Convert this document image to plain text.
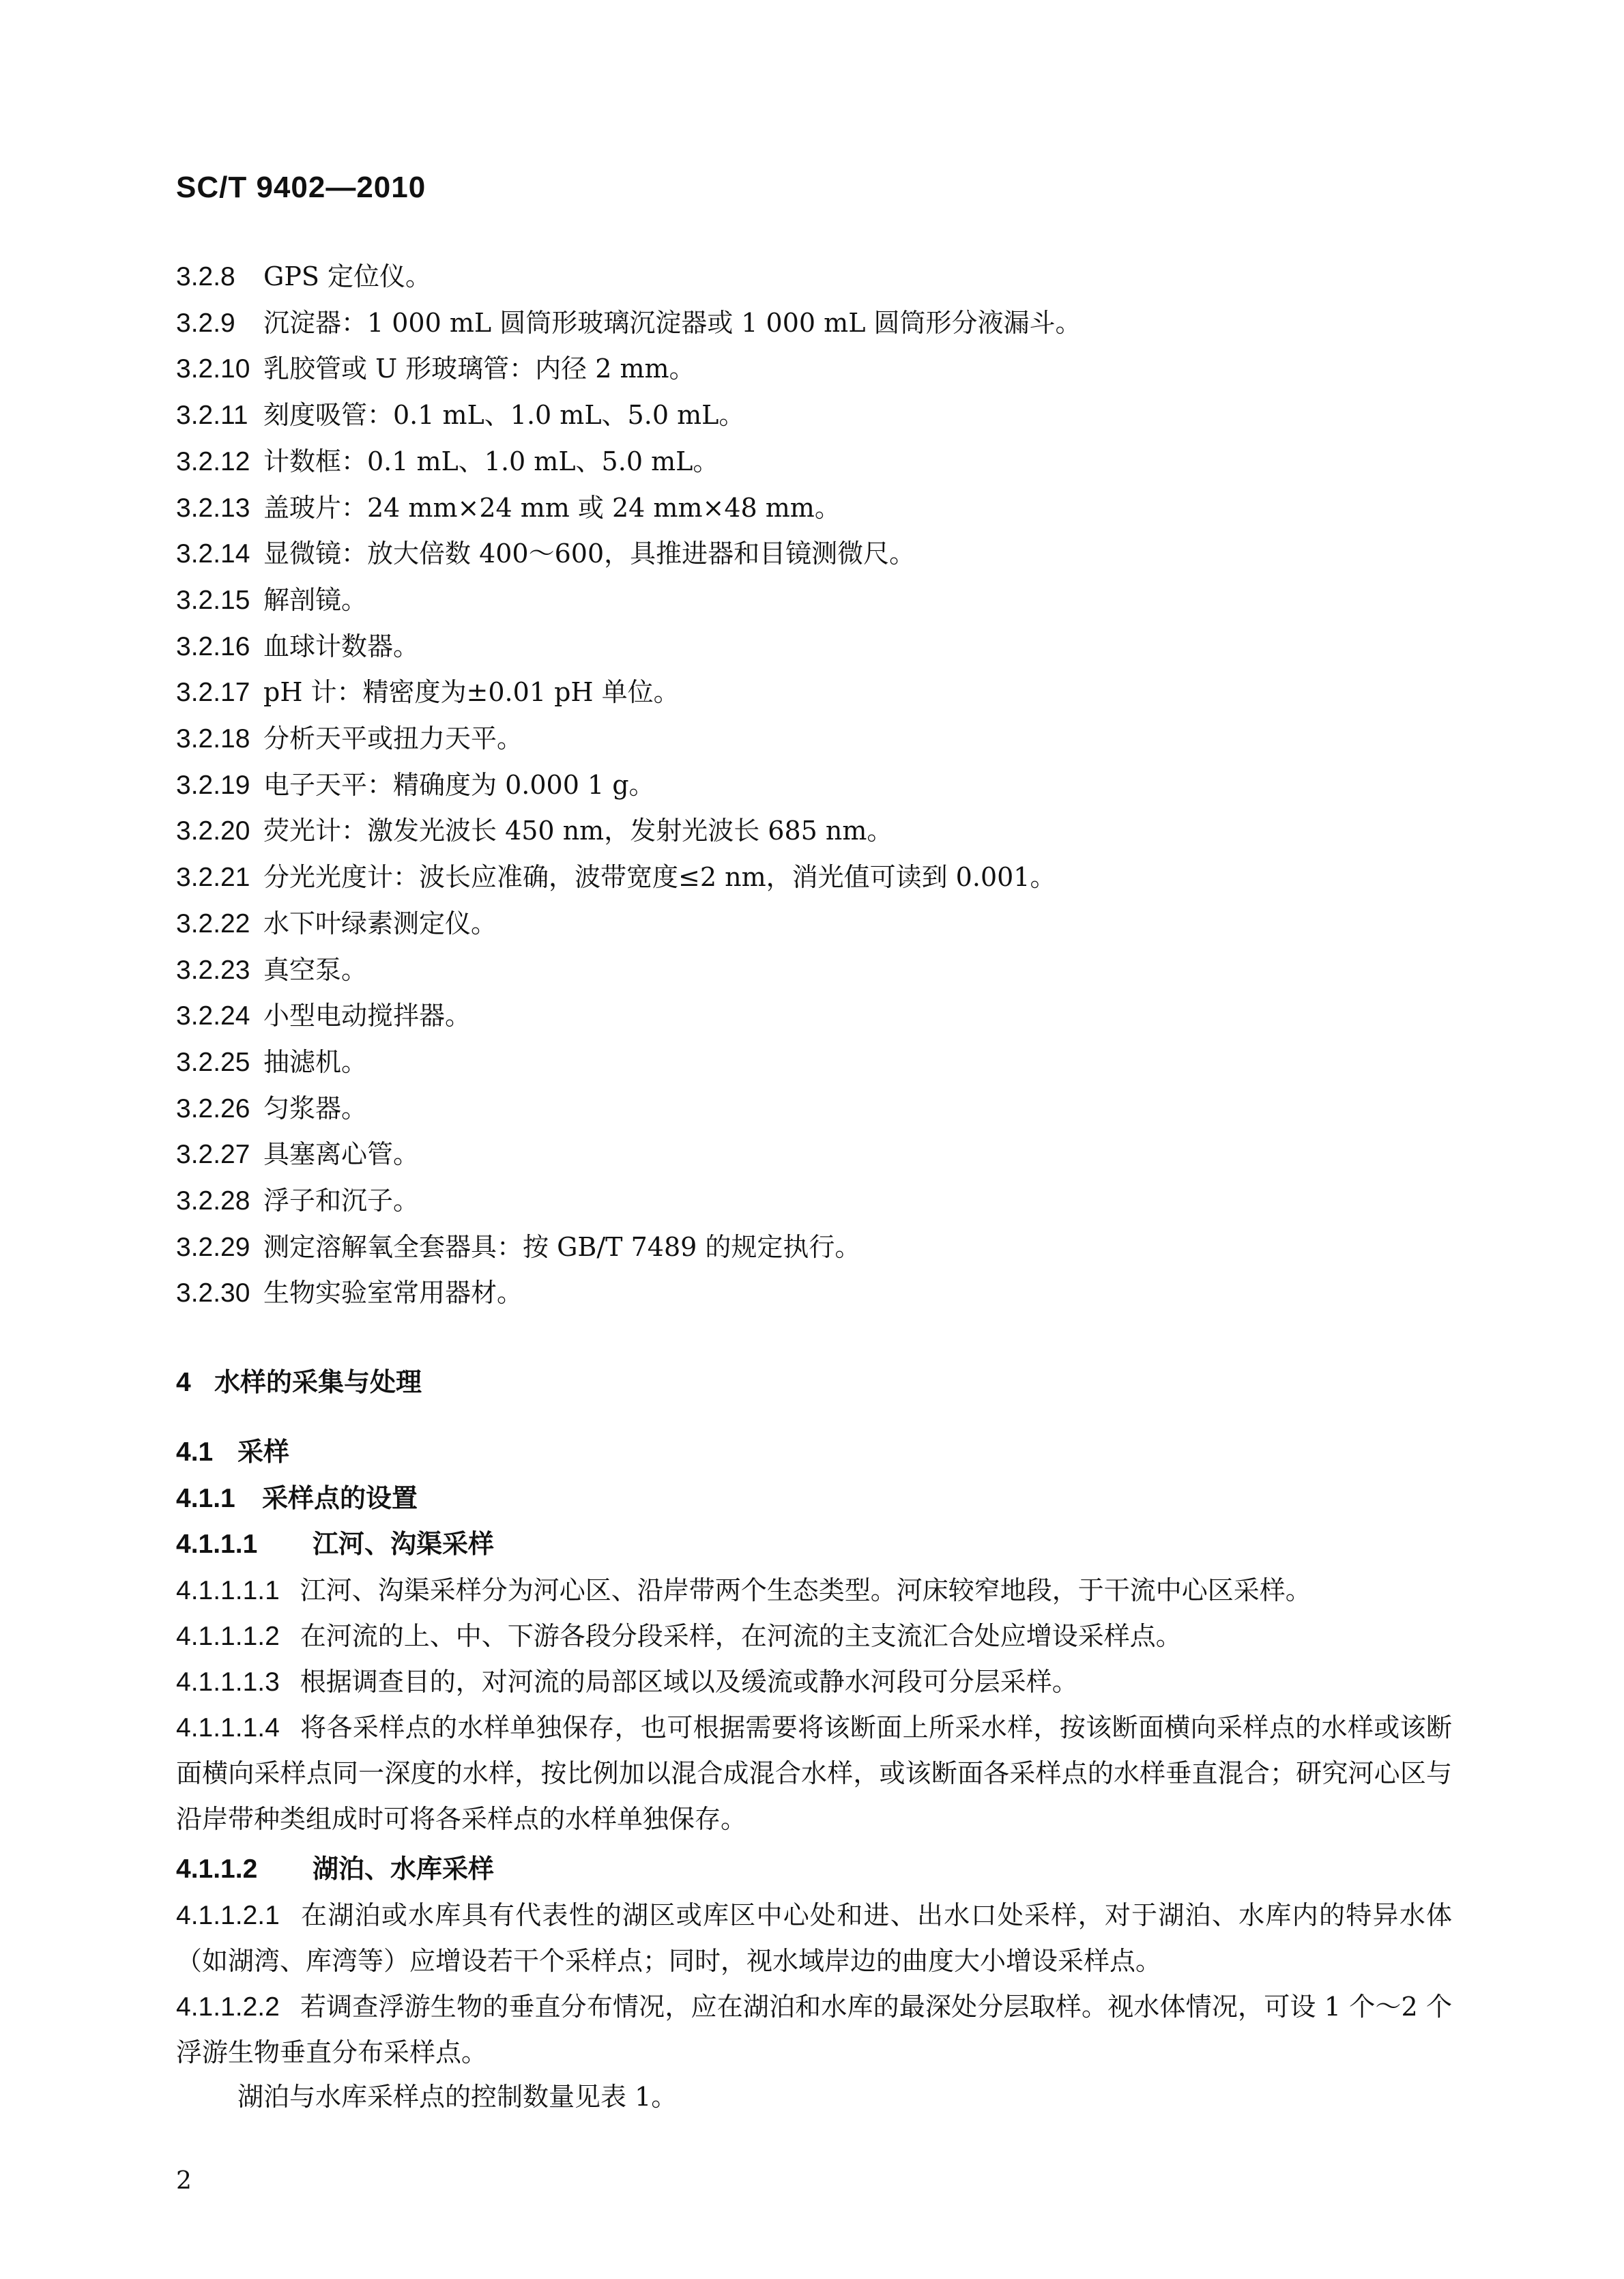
SC/T 9402—2010
3.2.8 GPS 定位仪。
3.2.9 沉淀器：1 000 mL 圆筒形玻璃沉淀器或 1 000 mL 圆筒形分液漏斗。
3.2.10 乳胶管或 U 形玻璃管：内径 2 mm。
3.2.11 刻度吸管：0.1 mL、1.0 mL、5.0 mL。
3.2.12 计数框：0.1 mL、1.0 mL、5.0 mL。
3.2.13 盖玻片：24 mm×24 mm 或 24 mm×48 mm。
3.2.14 显微镜：放大倍数 400～600，具推进器和目镜测微尺。
3.2.15 解剖镜。
3.2.16 血球计数器。
3.2.17 pH 计：精密度为±0.01 pH 单位。
3.2.18 分析天平或扭力天平。
3.2.19 电子天平：精确度为 0.000 1 g。
3.2.20 荧光计：激发光波长 450 nm，发射光波长 685 nm。
3.2.21 分光光度计：波长应准确，波带宽度≤2 nm，消光值可读到 0.001。
3.2.22 水下叶绿素测定仪。
3.2.23 真空泵。
3.2.24 小型电动搅拌器。
3.2.25 抽滤机。
3.2.26 匀浆器。
3.2.27 具塞离心管。
3.2.28 浮子和沉子。
3.2.29 测定溶解氧全套器具：按 GB/T 7489 的规定执行。
3.2.30 生物实验室常用器材。
4 水样的采集与处理
4.1 采样
4.1.1 采样点的设置
4.1.1.1 江河、沟渠采样
4.1.1.1.1 江河、沟渠采样分为河心区、沿岸带两个生态类型。河床较窄地段，于干流中心区采样。
4.1.1.1.2 在河流的上、中、下游各段分段采样，在河流的主支流汇合处应增设采样点。
4.1.1.1.3 根据调查目的，对河流的局部区域以及缓流或静水河段可分层采样。
4.1.1.1.4 将各采样点的水样单独保存，也可根据需要将该断面上所采水样，按该断面横向采样点的水样或该断面横向采样点同一深度的水样，按比例加以混合成混合水样，或该断面各采样点的水样垂直混合；研究河心区与沿岸带种类组成时可将各采样点的水样单独保存。
4.1.1.2 湖泊、水库采样
4.1.1.2.1 在湖泊或水库具有代表性的湖区或库区中心处和进、出水口处采样，对于湖泊、水库内的特异水体（如湖湾、库湾等）应增设若干个采样点；同时，视水域岸边的曲度大小增设采样点。
4.1.1.2.2 若调查浮游生物的垂直分布情况，应在湖泊和水库的最深处分层取样。视水体情况，可设 1 个～2 个浮游生物垂直分布采样点。
湖泊与水库采样点的控制数量见表 1。
2
